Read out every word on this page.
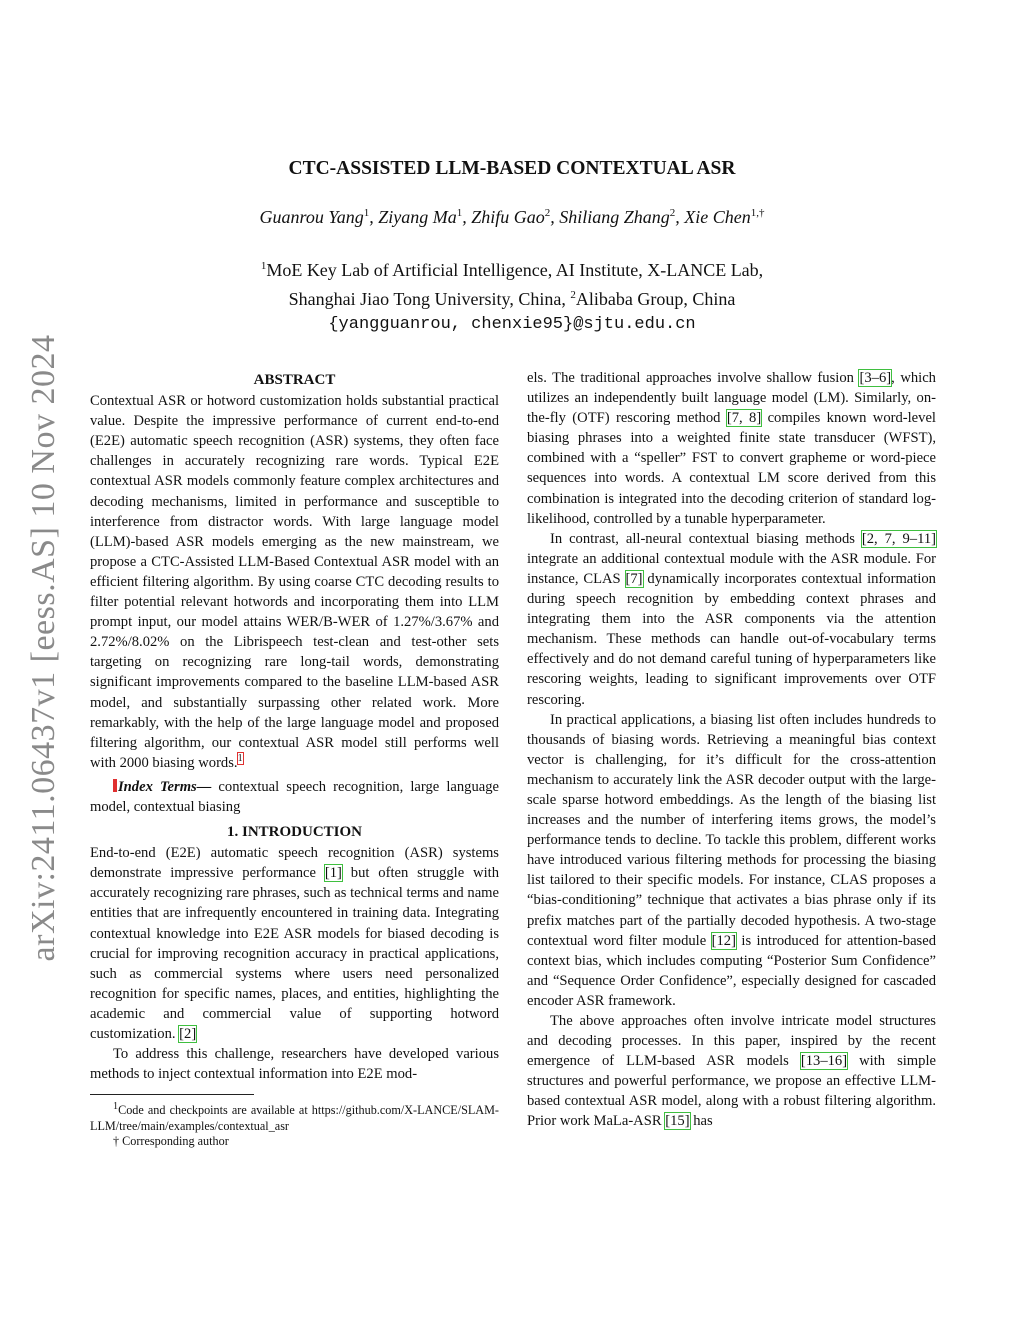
arXiv:2411.06437v1 [eess.AS] 10 Nov 2024
CTC-ASSISTED LLM-BASED CONTEXTUAL ASR
Guanrou Yang$^1$, Ziyang Ma$^1$, Zhifu Gao$^2$, Shiliang Zhang$^2$, Xie Chen$^{1,\dagger}$
$^1$MoE Key Lab of Artificial Intelligence, AI Institute, X-LANCE Lab,
Shanghai Jiao Tong University, China, $^2$Alibaba Group, China
{yangguanrou, chenxie95}@sjtu.edu.cn
ABSTRACT

Contextual ASR or hotword customization holds substantial practical value. Despite the impressive performance of current end-to-end (E2E) automatic speech recognition (ASR) systems, they often face challenges in accurately recognizing rare words. Typical E2E contextual ASR models commonly feature complex architectures and decoding mechanisms, limited in performance and susceptible to interference from distractor words. With large language model (LLM)-based ASR models emerging as the new mainstream, we propose a CTC-Assisted LLM-Based Contextual ASR model with an efficient filtering algorithm. By using coarse CTC decoding results to filter potential relevant hotwords and incorporating them into LLM prompt input, our model attains WER/B-WER of 1.27%/3.67% and 2.72%/8.02% on the Librispeech test-clean and test-other sets targeting on recognizing rare long-tail words, demonstrating significant improvements compared to the baseline LLM-based ASR model, and substantially surpassing other related work. More remarkably, with the help of the large language model and proposed filtering algorithm, our contextual ASR model still performs well with 2000 biasing words.$^1$

Index Terms— contextual speech recognition, large language model, contextual biasing

1. INTRODUCTION

End-to-end (E2E) automatic speech recognition (ASR) systems demonstrate impressive performance [1] but often struggle with accurately recognizing rare phrases, such as technical terms and name entities that are infrequently encountered in training data. Integrating contextual knowledge into E2E ASR models for biased decoding is crucial for improving recognition accuracy in practical applications, such as commercial systems where users need personalized recognition for specific names, places, and entities, highlighting the academic and commercial value of supporting hotword customization. [2]

To address this challenge, researchers have developed various methods to inject contextual information into E2E mod-

$^1$Code and checkpoints are available at https://github.com/X-LANCE/SLAM-LLM/tree/main/examples/contextual_asr

† Corresponding author

els. The traditional approaches involve shallow fusion [3–6], which utilizes an independently built language model (LM). Similarly, on-the-fly (OTF) rescoring method [7, 8] compiles known word-level biasing phrases into a weighted finite state transducer (WFST), combined with a “speller” FST to convert grapheme or word-piece sequences into words. A contextual LM score derived from this combination is integrated into the decoding criterion of standard log-likelihood, controlled by a tunable hyperparameter.

In contrast, all-neural contextual biasing methods [2, 7, 9–11] integrate an additional contextual module with the ASR module. For instance, CLAS [7] dynamically incorporates contextual information during speech recognition by embedding context phrases and integrating them into the ASR components via the attention mechanism. These methods can handle out-of-vocabulary terms effectively and do not demand careful tuning of hyperparameters like rescoring weights, leading to significant improvements over OTF rescoring.

In practical applications, a biasing list often includes hundreds to thousands of biasing words. Retrieving a meaningful bias context vector is challenging, for it’s difficult for the cross-attention mechanism to accurately link the ASR decoder output with the large-scale sparse hotword embeddings. As the length of the biasing list increases and the number of interfering items grows, the model’s performance tends to decline. To tackle this problem, different works have introduced various filtering methods for processing the biasing list tailored to their specific models. For instance, CLAS proposes a “bias-conditioning” technique that activates a bias phrase only if its prefix matches part of the partially decoded hypothesis. A two-stage contextual word filter module [12] is introduced for attention-based context bias, which includes computing “Posterior Sum Confidence” and “Sequence Order Confidence”, especially designed for cascaded encoder ASR framework.

The above approaches often involve intricate model structures and decoding processes. In this paper, inspired by the recent emergence of LLM-based ASR models [13–16] with simple structures and powerful performance, we propose an effective LLM-based contextual ASR model, along with a robust filtering algorithm. Prior work MaLa-ASR [15] has
